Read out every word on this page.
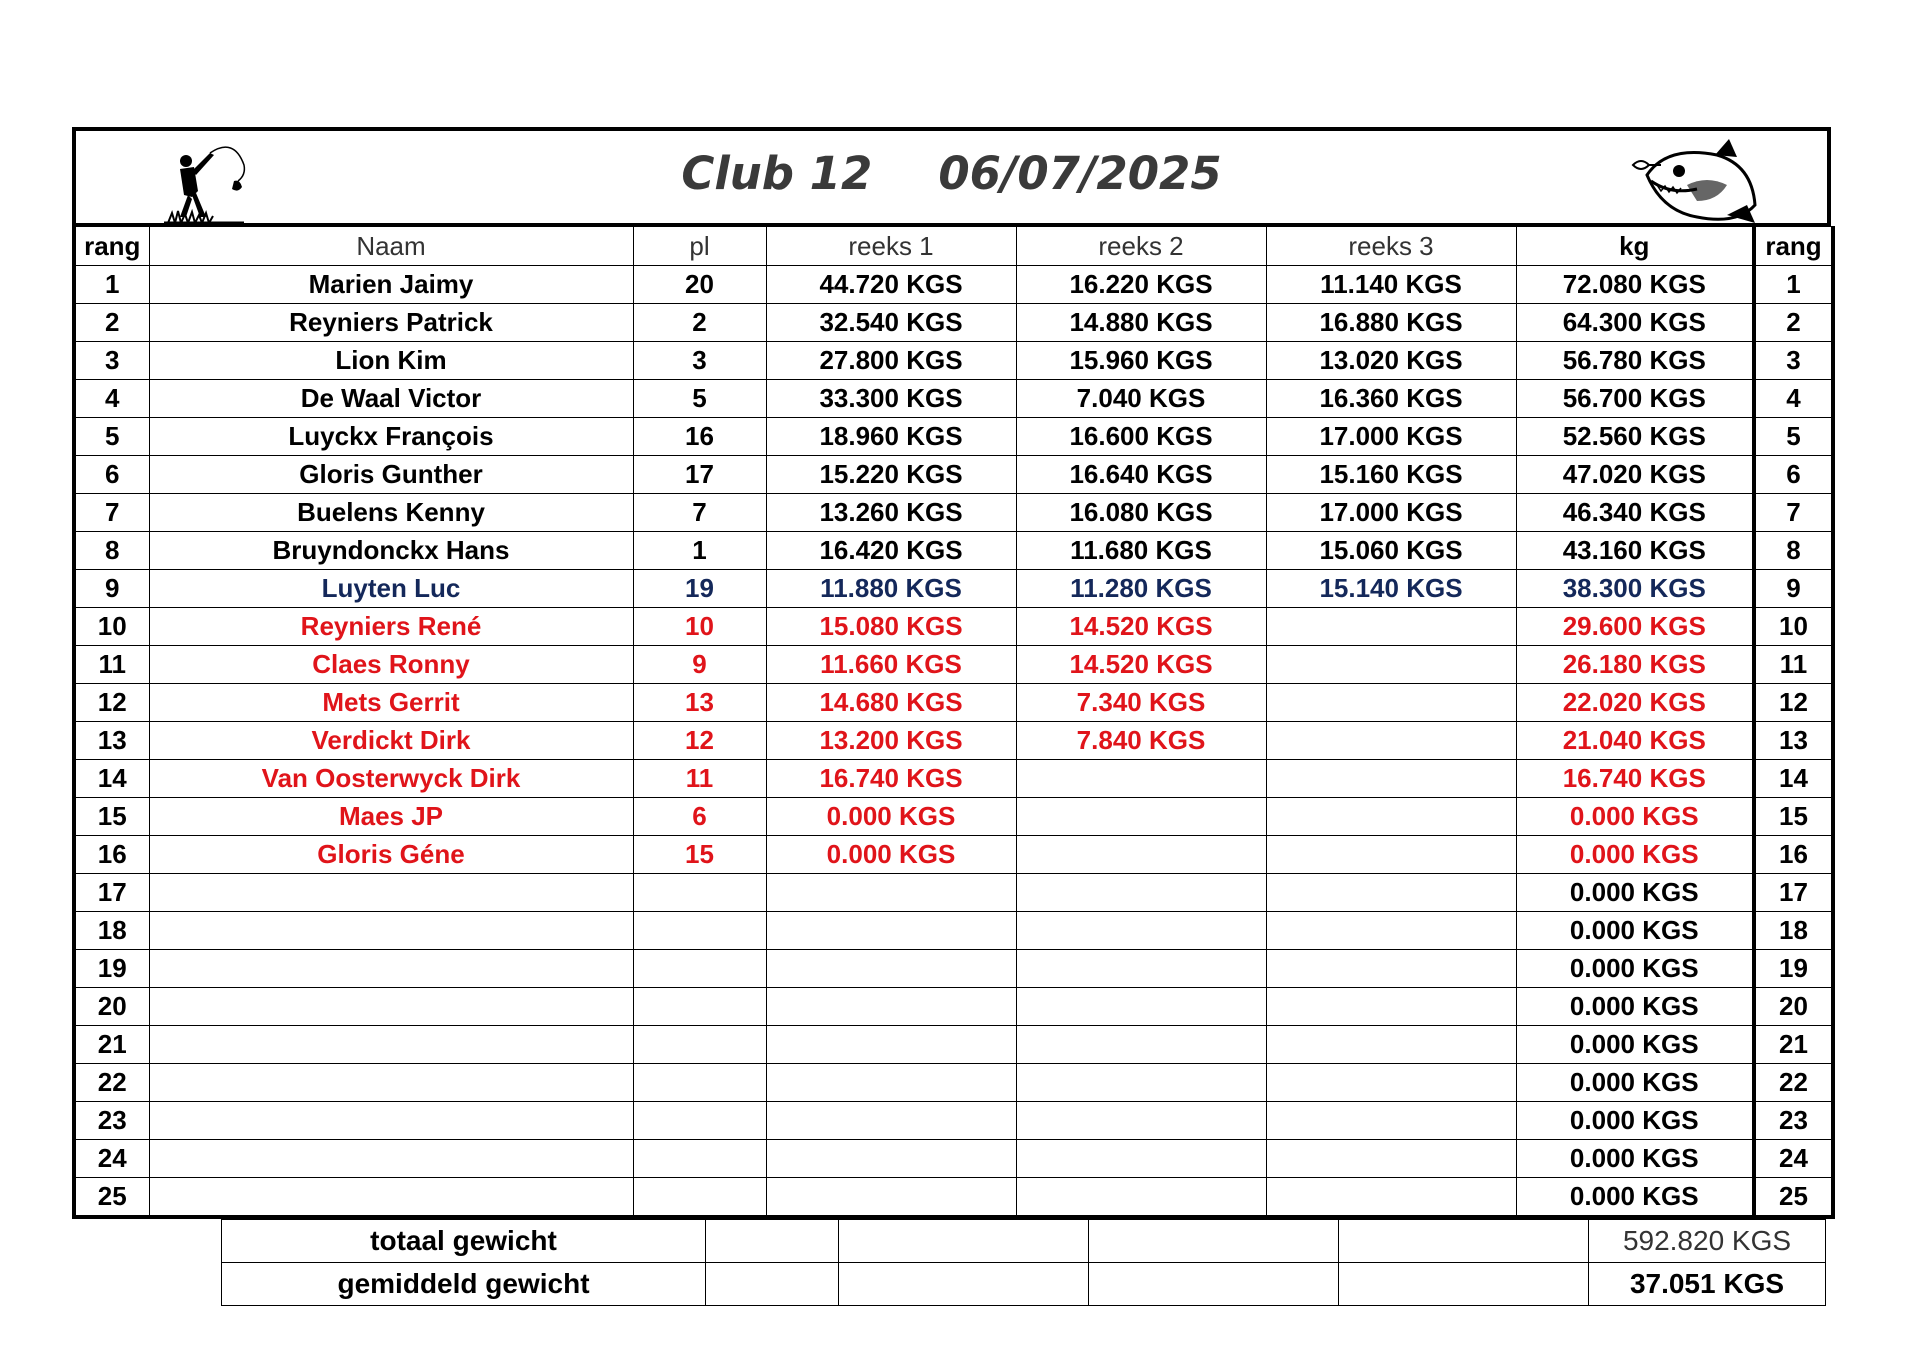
Club 12 06/07/2025
rang	Naam	pl	reeks 1	reeks 2	reeks 3	kg	rang
1	Marien Jaimy	20	44.720 KGS	16.220 KGS	11.140 KGS	72.080 KGS	1
2	Reyniers Patrick	2	32.540 KGS	14.880 KGS	16.880 KGS	64.300 KGS	2
3	Lion Kim	3	27.800 KGS	15.960 KGS	13.020 KGS	56.780 KGS	3
4	De Waal Victor	5	33.300 KGS	7.040 KGS	16.360 KGS	56.700 KGS	4
5	Luyckx François	16	18.960 KGS	16.600 KGS	17.000 KGS	52.560 KGS	5
6	Gloris Gunther	17	15.220 KGS	16.640 KGS	15.160 KGS	47.020 KGS	6
7	Buelens Kenny	7	13.260 KGS	16.080 KGS	17.000 KGS	46.340 KGS	7
8	Bruyndonckx Hans	1	16.420 KGS	11.680 KGS	15.060 KGS	43.160 KGS	8
9	Luyten Luc	19	11.880 KGS	11.280 KGS	15.140 KGS	38.300 KGS	9
10	Reyniers René	10	15.080 KGS	14.520 KGS		29.600 KGS	10
11	Claes Ronny	9	11.660 KGS	14.520 KGS		26.180 KGS	11
12	Mets Gerrit	13	14.680 KGS	7.340 KGS		22.020 KGS	12
13	Verdickt Dirk	12	13.200 KGS	7.840 KGS		21.040 KGS	13
14	Van Oosterwyck Dirk	11	16.740 KGS			16.740 KGS	14
15	Maes JP	6	0.000 KGS			0.000 KGS	15
16	Gloris Géne	15	0.000 KGS			0.000 KGS	16
17						0.000 KGS	17
18						0.000 KGS	18
19						0.000 KGS	19
20						0.000 KGS	20
21						0.000 KGS	21
22						0.000 KGS	22
23						0.000 KGS	23
24						0.000 KGS	24
25						0.000 KGS	25
totaal gewicht					592.820 KGS
gemiddeld gewicht					37.051 KGS
